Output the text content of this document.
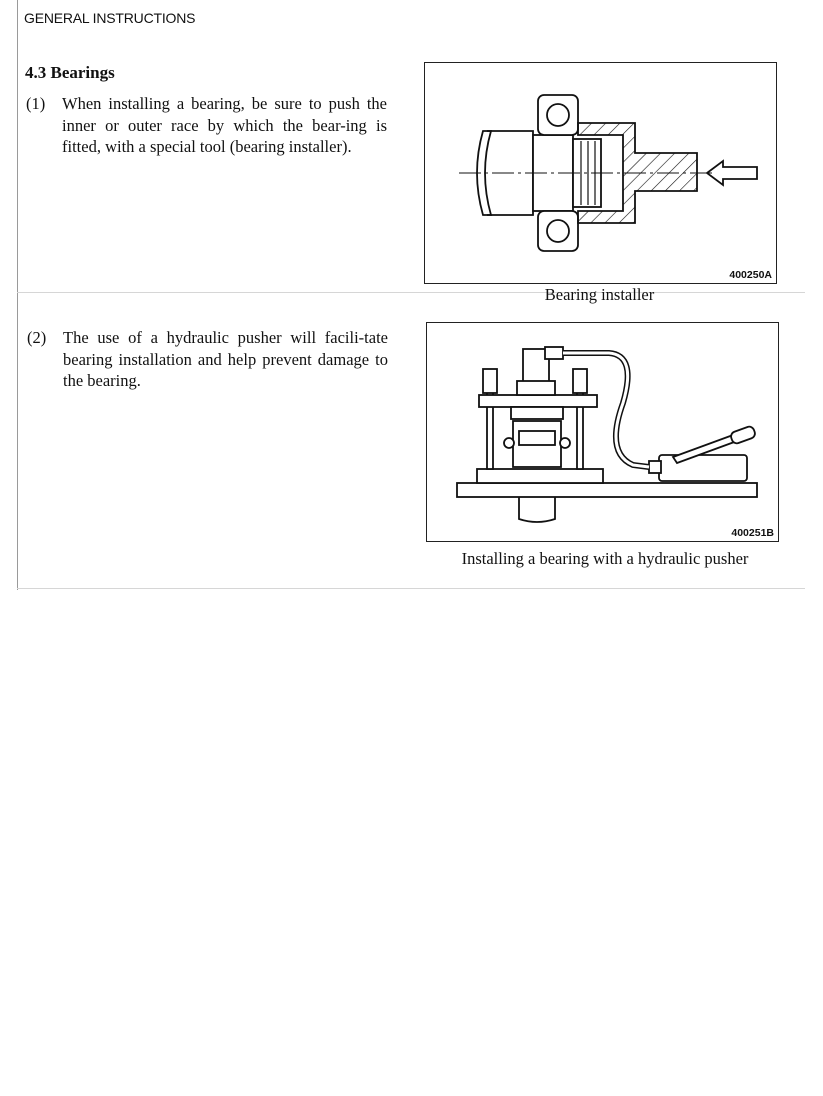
GENERAL INSTRUCTIONS
4.3 Bearings
(1)	When installing a bearing, be sure to push the inner or outer race by which the bear-ing is fitted, with a special tool (bearing installer).
(2)	The use of a hydraulic pusher will facili-tate bearing installation and help prevent damage to the bearing.
400250A
Bearing installer
400251B
Installing a bearing with a hydraulic pusher
